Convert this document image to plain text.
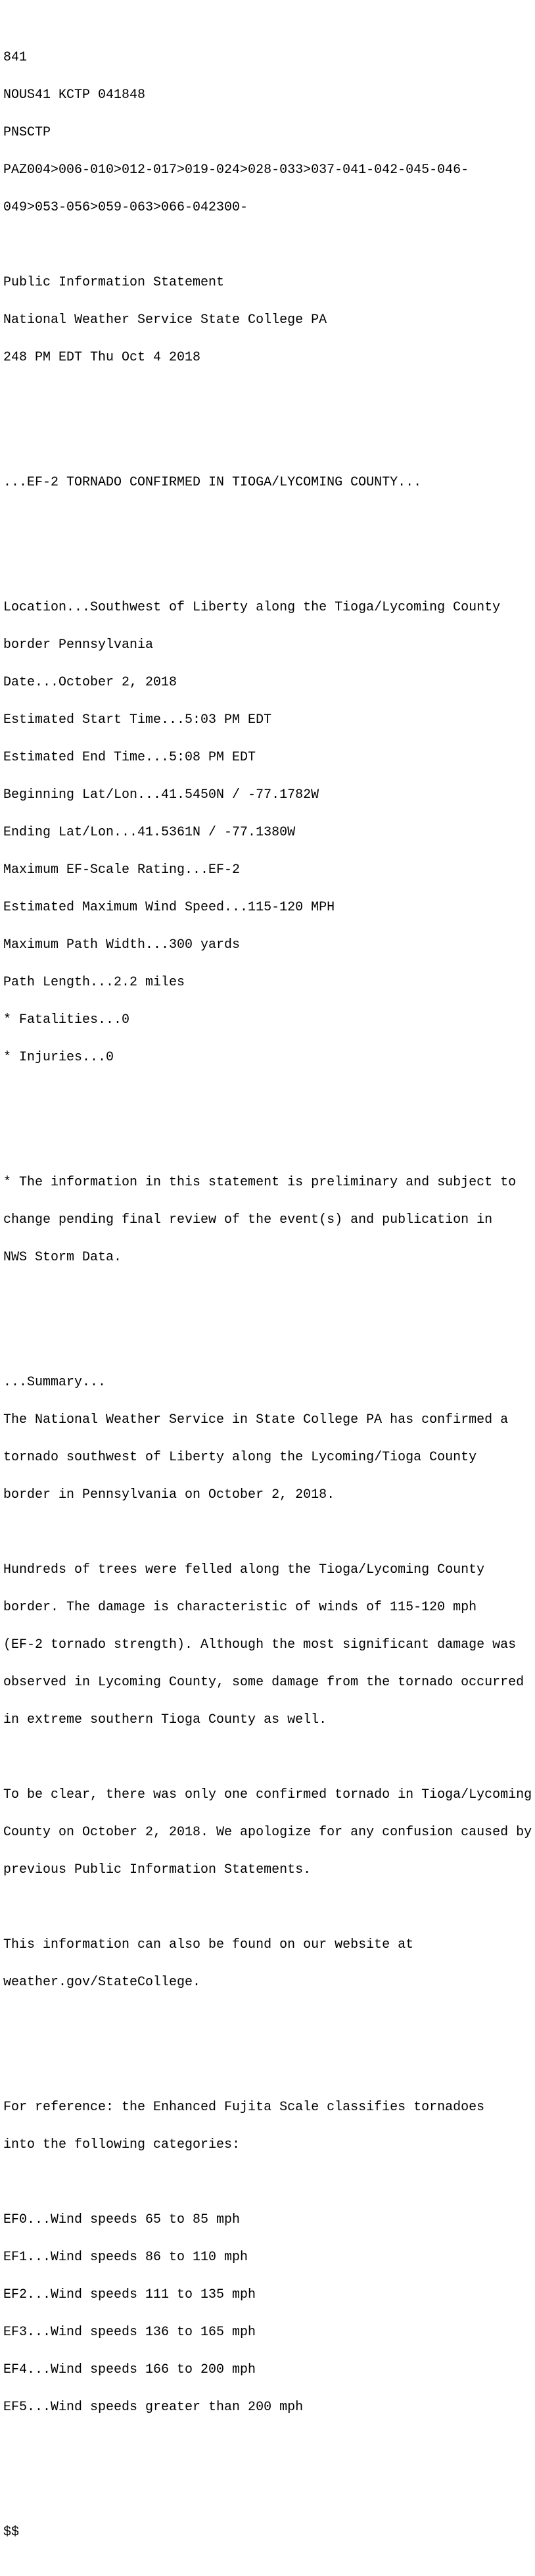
841

NOUS41 KCTP 041848

PNSCTP

PAZ004>006-010>012-017>019-024>028-033>037-041-042-045-046-

049>053-056>059-063>066-042300-

Public Information Statement

National Weather Service State College PA

248 PM EDT Thu Oct 4 2018

...EF-2 TORNADO CONFIRMED IN TIOGA/LYCOMING COUNTY...

Location...Southwest of Liberty along the Tioga/Lycoming County

border Pennsylvania

Date...October 2, 2018

Estimated Start Time...5:03 PM EDT

Estimated End Time...5:08 PM EDT

Beginning Lat/Lon...41.5450N / -77.1782W

Ending Lat/Lon...41.5361N / -77.1380W

Maximum EF-Scale Rating...EF-2

Estimated Maximum Wind Speed...115-120 MPH

Maximum Path Width...300 yards

Path Length...2.2 miles

* Fatalities...0

* Injuries...0

* The information in this statement is preliminary and subject to

change pending final review of the event(s) and publication in

NWS Storm Data.

...Summary...

The National Weather Service in State College PA has confirmed a

tornado southwest of Liberty along the Lycoming/Tioga County

border in Pennsylvania on October 2, 2018.

Hundreds of trees were felled along the Tioga/Lycoming County

border. The damage is characteristic of winds of 115-120 mph

(EF-2 tornado strength). Although the most significant damage was

observed in Lycoming County, some damage from the tornado occurred

in extreme southern Tioga County as well.

To be clear, there was only one confirmed tornado in Tioga/Lycoming

County on October 2, 2018. We apologize for any confusion caused by

previous Public Information Statements.

This information can also be found on our website at

weather.gov/StateCollege.

For reference: the Enhanced Fujita Scale classifies tornadoes

into the following categories:

EF0...Wind speeds 65 to 85 mph

EF1...Wind speeds 86 to 110 mph

EF2...Wind speeds 111 to 135 mph

EF3...Wind speeds 136 to 165 mph

EF4...Wind speeds 166 to 200 mph

EF5...Wind speeds greater than 200 mph

$$
